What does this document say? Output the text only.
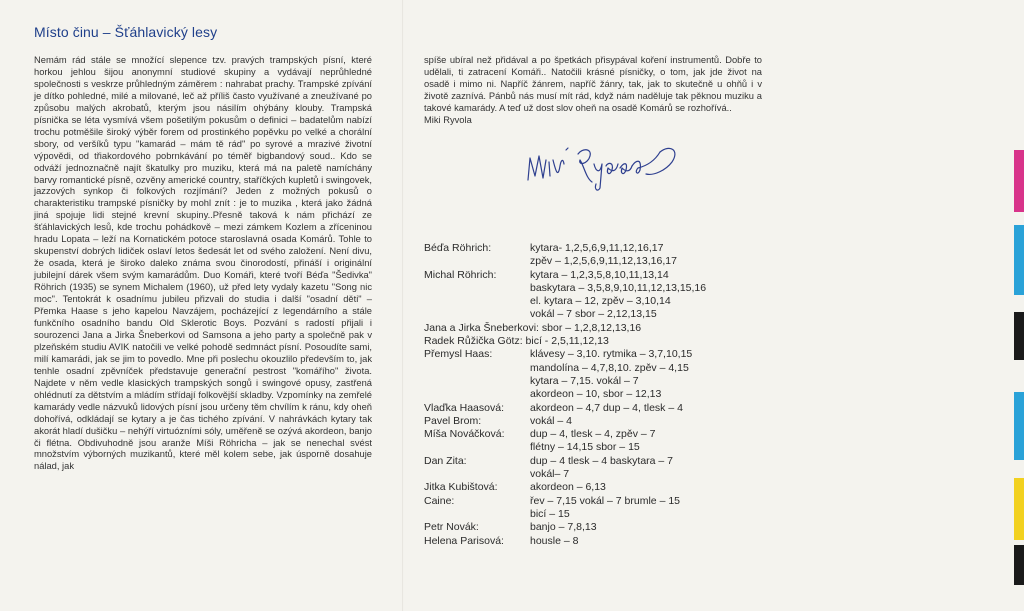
Místo činu – Šťáhlavický lesy

Nemám rád stále se množící slepence tzv. pravých trampských písní, které horkou jehlou šijou anonymní studiové skupiny a vydávají neprůhledné společnosti s veskrze průhledným záměrem : nahrabat prachy. Trampské zpívání je dítko pohledné, milé a milované, leč až příliš často využívané a zneužívané po způsobu malých akrobatů, kterým jsou násilím ohýbány klouby. Trampská písnička se léta vysmívá všem pošetilým pokusům o definici – badatelům nabízí trochu potměšile široký výběr forem od prostinkého popěvku po velké a chorální sbory, od veršíků typu "kamarád – mám tě rád" po syrové a mrazivé životní výpovědi, od třiakordového pobrnkávání po téměř bigbandový soud.. Kdo se odváží jednoznačně najít škatulky pro muziku, která má na paletě namíchány barvy romantické písně, ozvěny americké country, staříčkých kupletů i swingovek, jazzových synkop či folkových rozjímání? Jeden z možných pokusů o charakteristiku trampské písničky by mohl znít : je to muzika , která jako žádná jiná spojuje lidi stejné krevní skupiny..Přesně taková k nám přichází ze šťáhlavických lesů, kde trochu pohádkově – mezi zámkem Kozlem a zříceninou hradu Lopata – leží na Kornatickém potoce staroslavná osada Komárů. Tohle to skupenství dobrých lidiček oslaví letos šedesát let od svého založení. Není divu, že osada, která je široko daleko známa svou činorodostí, přináší i originální jubilejní dárek všem svým kamarádům. Duo Komáři, které tvoří Béďa "Šedivka" Röhrich (1935) se synem Michalem (1960), už před lety vydaly kazetu "Song nic moc". Tentokrát k osadnímu jubileu přizvali do studia i další "osadní děti" – Přemka Haase s jeho kapelou Navzájem, pocházející z legendárního a stále funkčního osadního bandu Old Sklerotic Boys. Pozvání s radostí přijali i sourozenci Jana a Jirka Šneberkovi od Samsona a jeho party a společně pak v plzeňském studiu AVIK natočili ve velké pohodě sedmnáct písní. Posoudíte sami, milí kamarádi, jak se jim to povedlo. Mne při poslechu okouzlilo především to, jak tenhle osadní zpěvníček představuje generační pestrost "komářího" života. Najdete v něm vedle klasických trampských songů i swingové opusy, zastřená ohlédnutí za dětstvím a mládím střídají folkovější skladby. Vzpomínky na zemřelé kamarády vedle názvuků lidových písní jsou určeny těm chvílím k ránu, kdy oheň dohořívá, odkládají se kytary a je čas tichého zpívání. V nahrávkách kytary tak akorát hladí dušičku – nehýří virtuózními sóly, uměřeně se ozývá akordeon, banjo či flétna. Obdivuhodně jsou aranže Míši Röhricha – jak se nenechal svést množstvím výborných muzikantů, které měl kolem sebe, jak úsporně dosahuje nálad, jak

spíše ubíral než přidával a po špetkách přisypával koření instrumentů. Dobře to udělali, ti zatracení Komáři.. Natočili krásné písničky, o tom, jak jde život na osadě i mimo ni. Napříč žánrem, napříč žánry, tak, jak to skutečně u ohňů i v životě zaznívá. Pánbů nás musí mít rád, když nám naděluje tak pěknou muziku a takové kamarády. A teď už dost slov oheň na osadě Komárů se rozhořívá..

Miki Ryvola
Béďa Röhrich:	kytara- 1,2,5,6,9,11,12,16,17
zpěv – 1,2,5,6,9,11,12,13,16,17
Michal Röhrich:	kytara – 1,2,3,5,8,10,11,13,14
baskytara – 3,5,8,9,10,11,12,13,15,16
el. kytara – 12, zpěv – 3,10,14
vokál – 7 sbor – 2,12,13,15
Jana a Jirka Šneberkovi: sbor – 1,2,8,12,13,16
Radek Růžička Götz: bicí - 2,5,11,12,13
Přemysl Haas:	klávesy – 3,10. rytmika – 3,7,10,15
mandolína – 4,7,8,10. zpěv – 4,15
kytara – 7,15. vokál – 7
akordeon – 10, sbor – 12,13
Vlaďka Haasová:	akordeon – 4,7 dup – 4, tlesk – 4
Pavel Brom:	vokál – 4
Míša Nováčková:	dup – 4, tlesk – 4, zpěv – 7
flétny – 14,15 sbor – 15
Dan Zita:	dup – 4 tlesk – 4 baskytara – 7
vokál– 7
Jitka Kubištová:	akordeon – 6,13
Caine:	řev – 7,15 vokál – 7 brumle – 15
bicí – 15
Petr Novák:	banjo – 7,8,13
Helena Parisová:	housle – 8
